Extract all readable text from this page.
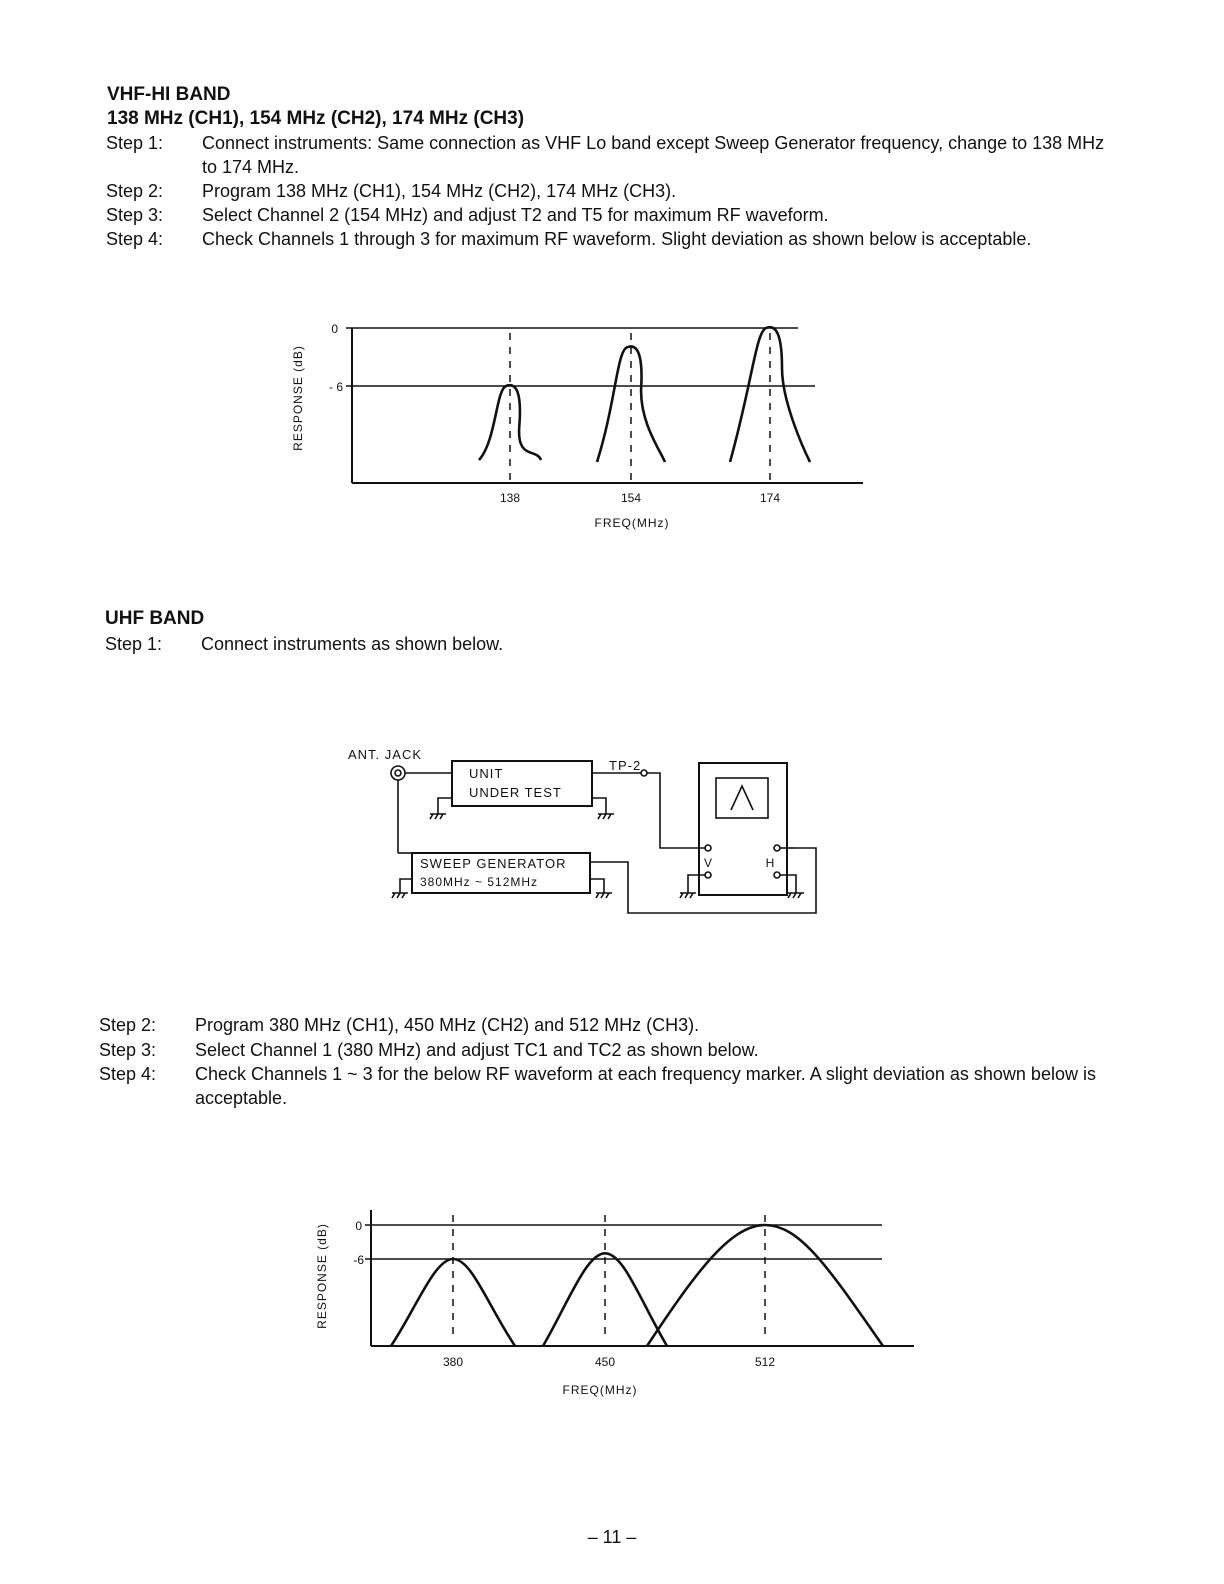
VHF-HI BAND
138 MHz (CH1), 154 MHz (CH2), 174 MHz (CH3)
Step 1: Connect instruments: Same connection as VHF Lo band except Sweep Generator frequency, change to 138 MHz to 174 MHz.
Step 2: Program 138 MHz (CH1), 154 MHz (CH2), 174 MHz (CH3).
Step 3: Select Channel 2 (154 MHz) and adjust T2 and T5 for maximum RF waveform.
Step 4: Check Channels 1 through 3 for maximum RF waveform. Slight deviation as shown below is acceptable.
0
- 6
RESPONSE (dB)
FREQ(MHz)
138	154	174
0
-6
RESPONSE (dB)
FREQ(MHz)
380	450	512
ANT. JACK
UNIT
UNDER TEST
TP-2
SWEEP GENERATOR
380MHz ~ 512MHz
V	H
UHF BAND
Step 1: Connect instruments as shown below.
Step 2: Program 380 MHz (CH1), 450 MHz (CH2) and 512 MHz (CH3).
Step 3: Select Channel 1 (380 MHz) and adjust TC1 and TC2 as shown below.
Step 4: Check Channels 1 ~ 3 for the below RF waveform at each frequency marker. A slight deviation as shown below is acceptable.
– 11 –
